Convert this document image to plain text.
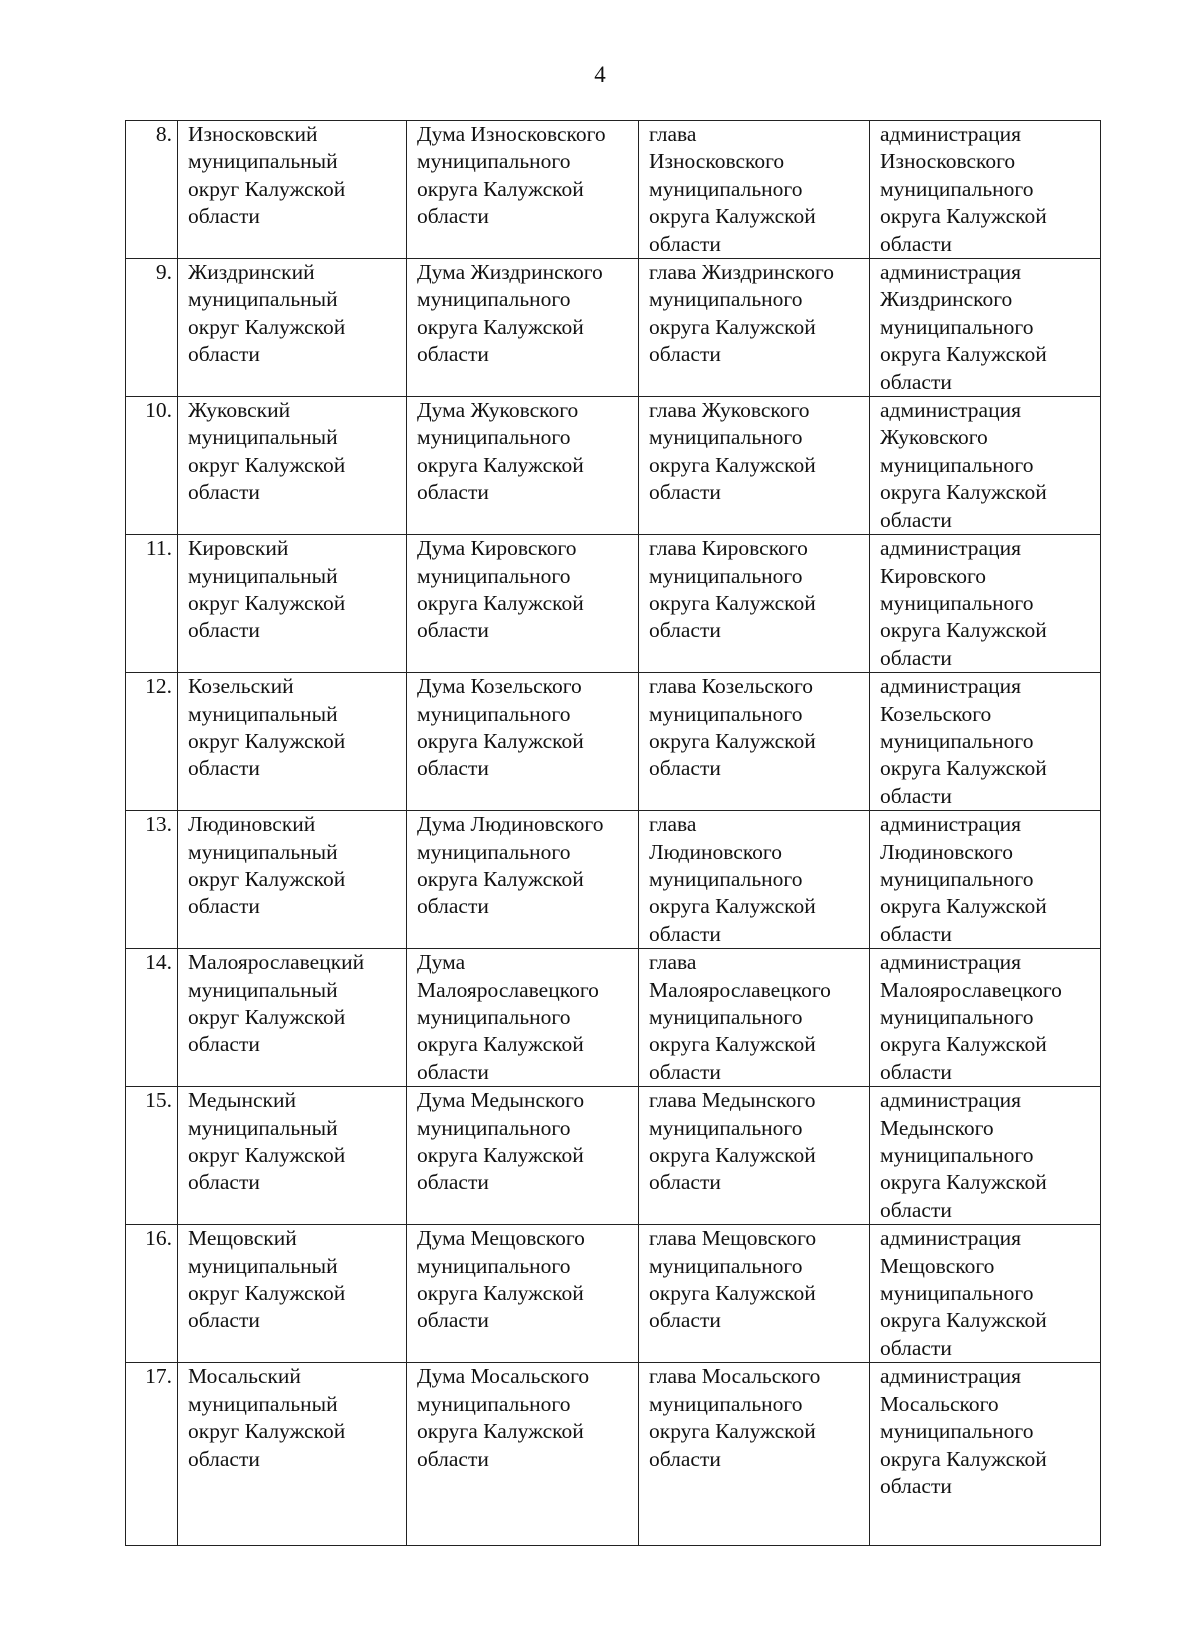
4
8.	Износковский
муниципальный
округ Калужской
области	Дума Износковского
муниципального
округа Калужской
области	глава
Износковского
муниципального
округа Калужской
области	администрация
Износковского
муниципального
округа Калужской
области

9.	Жиздринский
муниципальный
округ Калужской
области	Дума Жиздринского
муниципального
округа Калужской
области	глава Жиздринского
муниципального
округа Калужской
области	администрация
Жиздринского
муниципального
округа Калужской
области

10.	Жуковский
муниципальный
округ Калужской
области	Дума Жуковского
муниципального
округа Калужской
области	глава Жуковского
муниципального
округа Калужской
области	администрация
Жуковского
муниципального
округа Калужской
области

11.	Кировский
муниципальный
округ Калужской
области	Дума Кировского
муниципального
округа Калужской
области	глава Кировского
муниципального
округа Калужской
области	администрация
Кировского
муниципального
округа Калужской
области

12.	Козельский
муниципальный
округ Калужской
области	Дума Козельского
муниципального
округа Калужской
области	глава Козельского
муниципального
округа Калужской
области	администрация
Козельского
муниципального
округа Калужской
области

13.	Людиновский
муниципальный
округ Калужской
области	Дума Людиновского
муниципального
округа Калужской
области	глава
Людиновского
муниципального
округа Калужской
области	администрация
Людиновского
муниципального
округа Калужской
области

14.	Малоярославецкий
муниципальный
округ Калужской
области	Дума
Малоярославецкого
муниципального
округа Калужской
области	глава
Малоярославецкого
муниципального
округа Калужской
области	администрация
Малоярославецкого
муниципального
округа Калужской
области

15.	Медынский
муниципальный
округ Калужской
области	Дума Медынского
муниципального
округа Калужской
области	глава Медынского
муниципального
округа Калужской
области	администрация
Медынского
муниципального
округа Калужской
области

16.	Мещовский
муниципальный
округ Калужской
области	Дума Мещовского
муниципального
округа Калужской
области	глава Мещовского
муниципального
округа Калужской
области	администрация
Мещовского
муниципального
округа Калужской
области

17.	Мосальский
муниципальный
округ Калужской
области	Дума Мосальского
муниципального
округа Калужской
области	глава Мосальского
муниципального
округа Калужской
области	администрация
Мосальского
муниципального
округа Калужской
области
